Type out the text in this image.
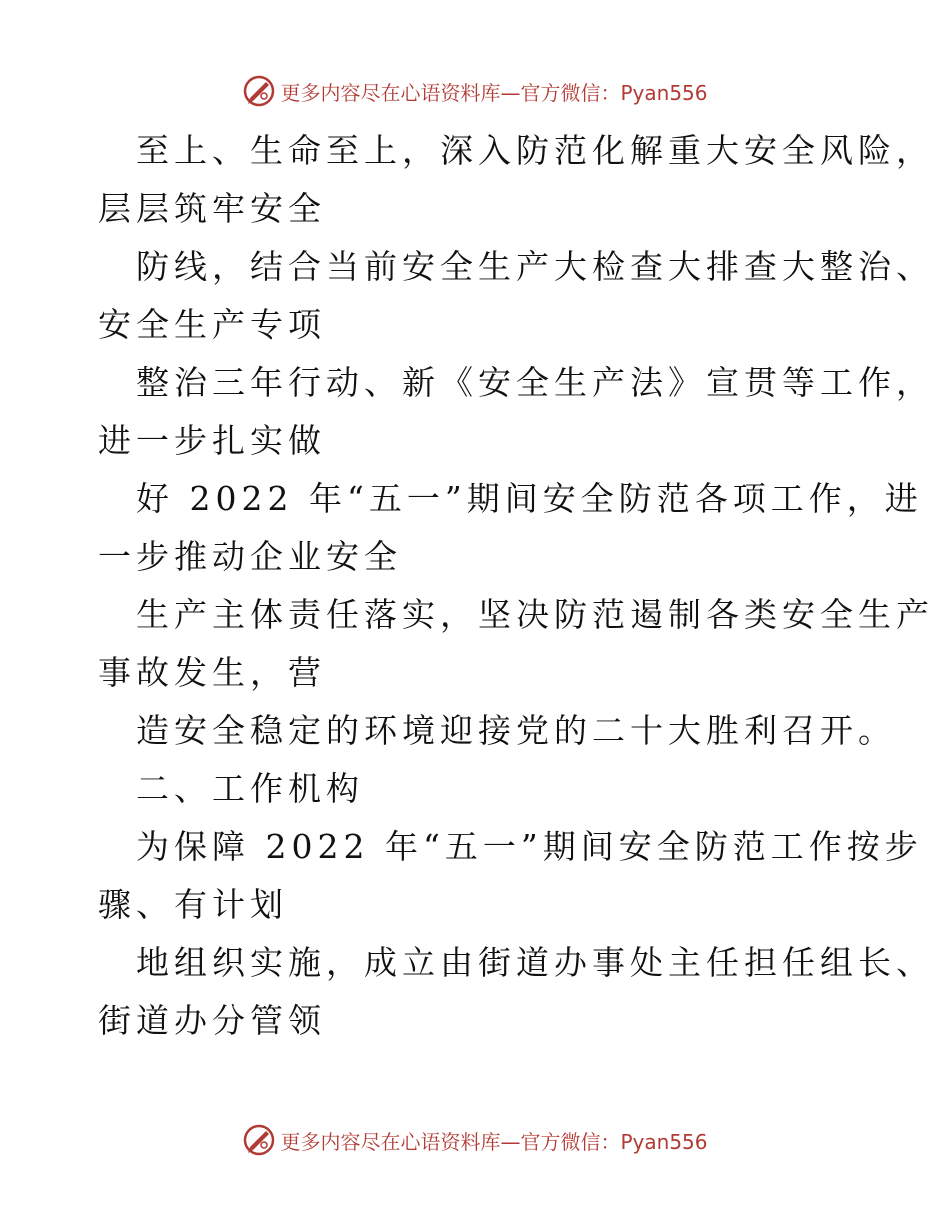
更多内容尽在心语资料库—官方微信：Pyan556
至上、生命至上，深入防范化解重大安全风险，
层层筑牢安全
防线，结合当前安全生产大检查大排查大整治、
安全生产专项
整治三年行动、新《安全生产法》宣贯等工作，
进一步扎实做
好 2022 年“五一”期间安全防范各项工作，进
一步推动企业安全
生产主体责任落实，坚决防范遏制各类安全生产
事故发生，营
造安全稳定的环境迎接党的二十大胜利召开。
二、工作机构
为保障 2022 年“五一”期间安全防范工作按步
骤、有计划
地组织实施，成立由街道办事处主任担任组长、
街道办分管领
更多内容尽在心语资料库—官方微信：Pyan556
